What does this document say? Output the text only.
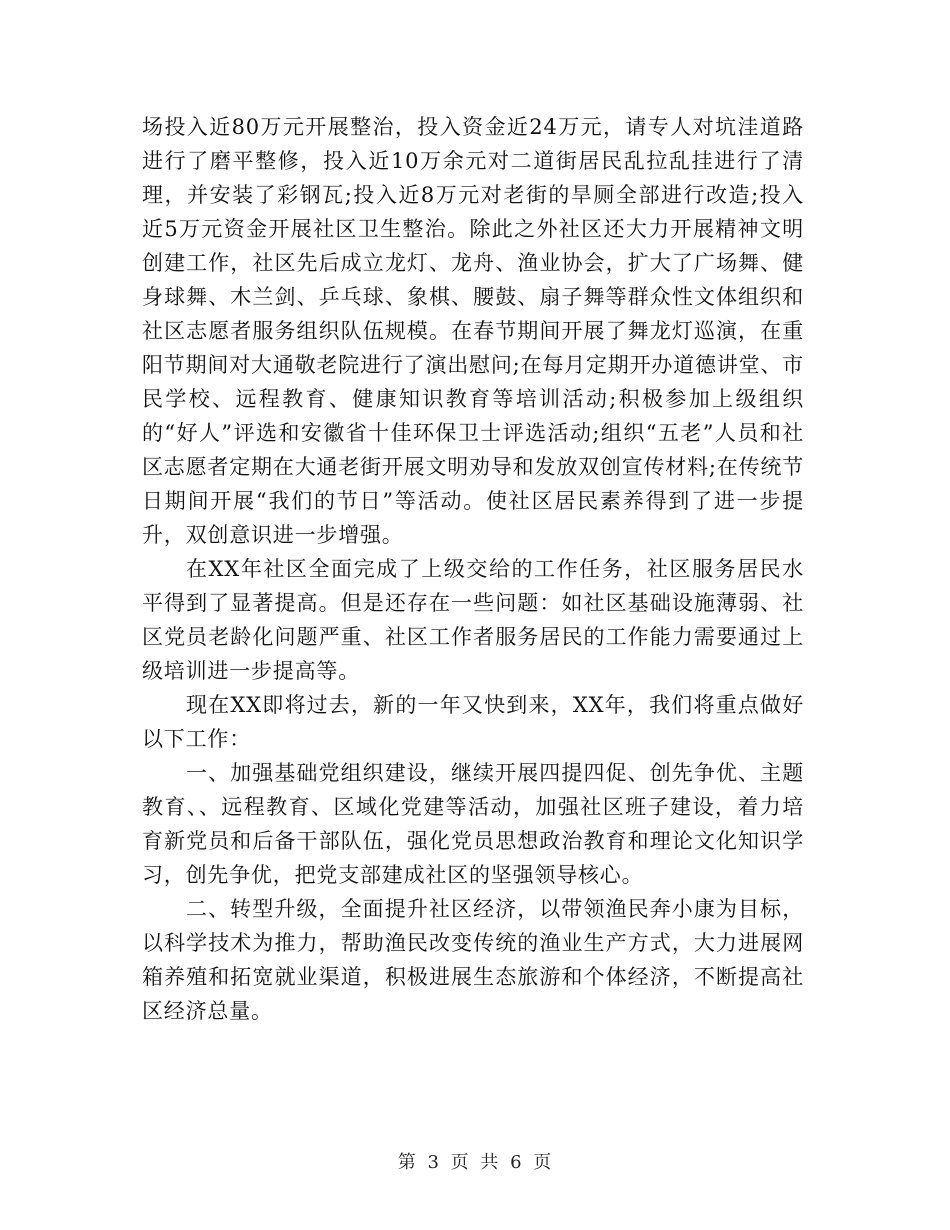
场投入近80万元开展整治，投入资金近24万元，请专人对坑洼道路进行了磨平整修，投入近10万余元对二道街居民乱拉乱挂进行了清理，并安装了彩钢瓦;投入近8万元对老街的旱厕全部进行改造;投入近5万元资金开展社区卫生整治。除此之外社区还大力开展精神文明创建工作，社区先后成立龙灯、龙舟、渔业协会，扩大了广场舞、健身球舞、木兰剑、乒乓球、象棋、腰鼓、扇子舞等群众性文体组织和社区志愿者服务组织队伍规模。在春节期间开展了舞龙灯巡演，在重阳节期间对大通敬老院进行了演出慰问;在每月定期开办道德讲堂、市民学校、远程教育、健康知识教育等培训活动;积极参加上级组织的“好人”评选和安徽省十佳环保卫士评选活动;组织“五老”人员和社区志愿者定期在大通老街开展文明劝导和发放双创宣传材料;在传统节日期间开展“我们的节日”等活动。使社区居民素养得到了进一步提升，双创意识进一步增强。

在XX年社区全面完成了上级交给的工作任务，社区服务居民水平得到了显著提高。但是还存在一些问题：如社区基础设施薄弱、社区党员老龄化问题严重、社区工作者服务居民的工作能力需要通过上级培训进一步提高等。

现在XX即将过去，新的一年又快到来，XX年，我们将重点做好以下工作：

一、加强基础党组织建设，继续开展四提四促、创先争优、主题教育、、远程教育、区域化党建等活动，加强社区班子建设，着力培育新党员和后备干部队伍，强化党员思想政治教育和理论文化知识学习，创先争优，把党支部建成社区的坚强领导核心。

二、转型升级，全面提升社区经济，以带领渔民奔小康为目标，以科学技术为推力，帮助渔民改变传统的渔业生产方式，大力进展网箱养殖和拓宽就业渠道，积极进展生态旅游和个体经济，不断提高社区经济总量。

第 3 页 共 6 页
